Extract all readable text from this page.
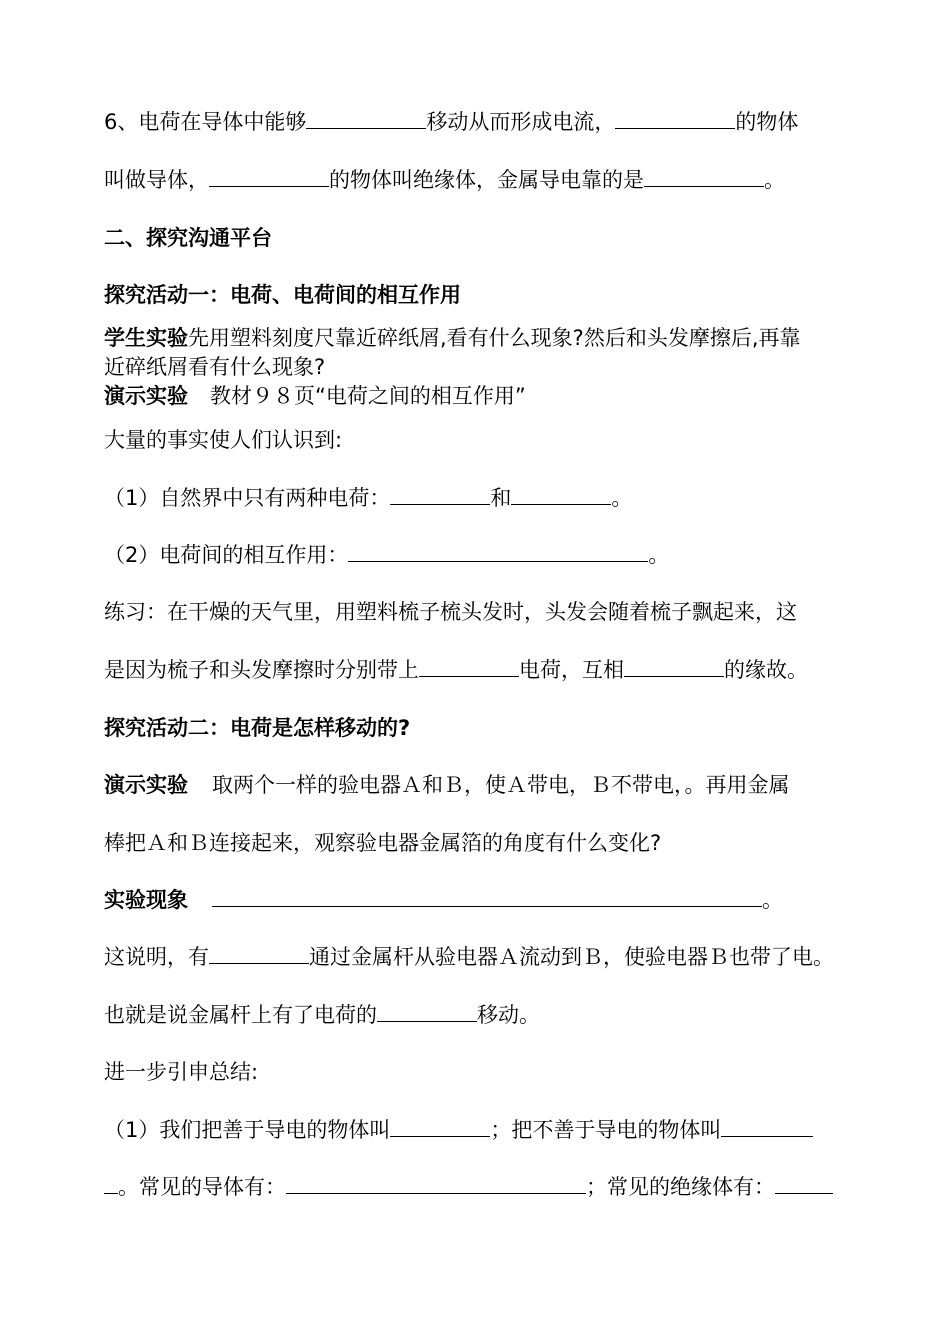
6、电荷在导体中能够	移动从而形成电流，	的物体
叫做导体，	的物体叫绝缘体，金属导电靠的是	。
二、探究沟通平台
探究活动一：电荷、电荷间的相互作用
学生实验先用塑料刻度尺靠近碎纸屑,看有什么现象?然后和头发摩擦后,再靠
近碎纸屑看有什么现象?
演示实验 教材９８页“电荷之间的相互作用”
大量的事实使人们认识到:
（1）自然界中只有两种电荷：	和	。
（2）电荷间的相互作用：	。
练习：在干燥的天气里，用塑料梳子梳头发时，头发会随着梳子飘起来，这
是因为梳子和头发摩擦时分别带上	电荷，互相	的缘故。
探究活动二：电荷是怎样移动的?
演示实验 取两个一样的验电器Ａ和Ｂ，使Ａ带电，Ｂ不带电，。再用金属
棒把Ａ和Ｂ连接起来，观察验电器金属箔的角度有什么变化?
实验现象	。
这说明，有	通过金属杆从验电器Ａ流动到Ｂ，使验电器Ｂ也带了电。
也就是说金属杆上有了电荷的	移动。
进一步引申总结:
（1）我们把善于导电的物体叫	；把不善于导电的物体叫
。常见的导体有：	；常见的绝缘体有：
